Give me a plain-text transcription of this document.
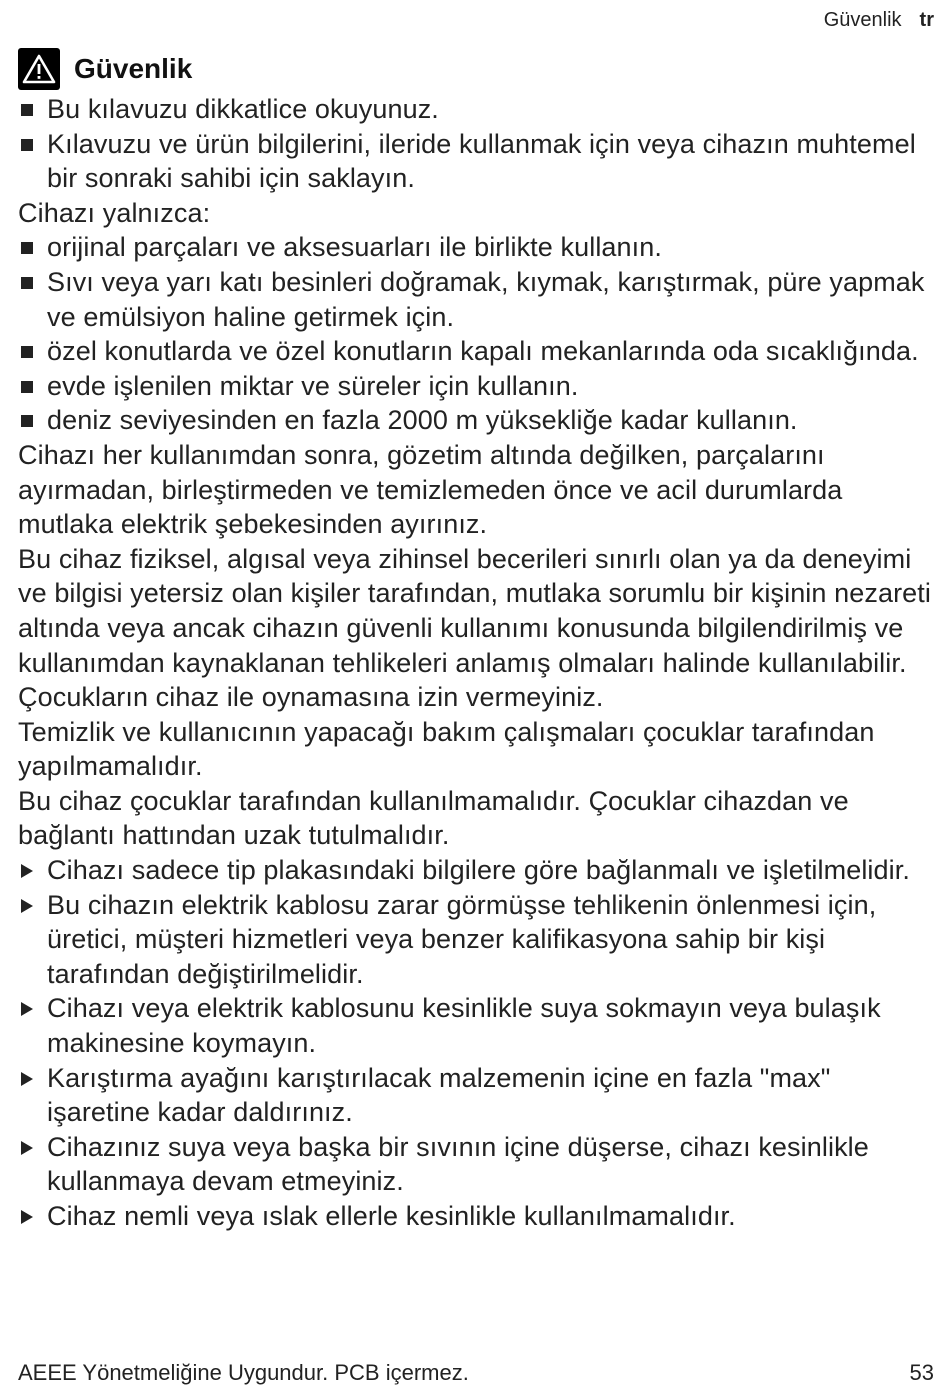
Güvenlik tr
Güvenlik
Bu kılavuzu dikkatlice okuyunuz.
Kılavuzu ve ürün bilgilerini, ileride kullanmak için veya cihazın muhtemel bir sonraki sahibi için saklayın.
Cihazı yalnızca:
orijinal parçaları ve aksesuarları ile birlikte kullanın.
Sıvı veya yarı katı besinleri doğramak, kıymak, karıştırmak, püre yapmak ve emülsiyon haline getirmek için.
özel konutlarda ve özel konutların kapalı mekanlarında oda sıcaklığında.
evde işlenilen miktar ve süreler için kullanın.
deniz seviyesinden en fazla 2000 m yüksekliğe kadar kullanın.
Cihazı her kullanımdan sonra, gözetim altında değilken, parçalarını ayırmadan, birleştirmeden ve temizlemeden önce ve acil durumlarda mutlaka elektrik şebekesinden ayırınız.
Bu cihaz fiziksel, algısal veya zihinsel becerileri sınırlı olan ya da deneyimi ve bilgisi yetersiz olan kişiler tarafından, mutlaka sorumlu bir kişinin nezareti altında veya ancak cihazın güvenli kullanımı konusunda bilgilendirilmiş ve kullanımdan kaynaklanan tehlikeleri anlamış olmaları halinde kullanılabilir.
Çocukların cihaz ile oynamasına izin vermeyiniz.
Temizlik ve kullanıcının yapacağı bakım çalışmaları çocuklar tarafından yapılmamalıdır.
Bu cihaz çocuklar tarafından kullanılmamalıdır. Çocuklar cihazdan ve bağlantı hattından uzak tutulmalıdır.
Cihazı sadece tip plakasındaki bilgilere göre bağlanmalı ve işletilmelidir.
Bu cihazın elektrik kablosu zarar görmüşse tehlikenin önlenmesi için, üretici, müşteri hizmetleri veya benzer kalifikasyona sahip bir kişi tarafından değiştirilmelidir.
Cihazı veya elektrik kablosunu kesinlikle suya sokmayın veya bulaşık makinesine koymayın.
Karıştırma ayağını karıştırılacak malzemenin içine en fazla "max" işaretine kadar daldırınız.
Cihazınız suya veya başka bir sıvının içine düşerse, cihazı kesinlikle kullanmaya devam etmeyiniz.
Cihaz nemli veya ıslak ellerle kesinlikle kullanılmamalıdır.
AEEE Yönetmeliğine Uygundur. PCB içermez.	53
